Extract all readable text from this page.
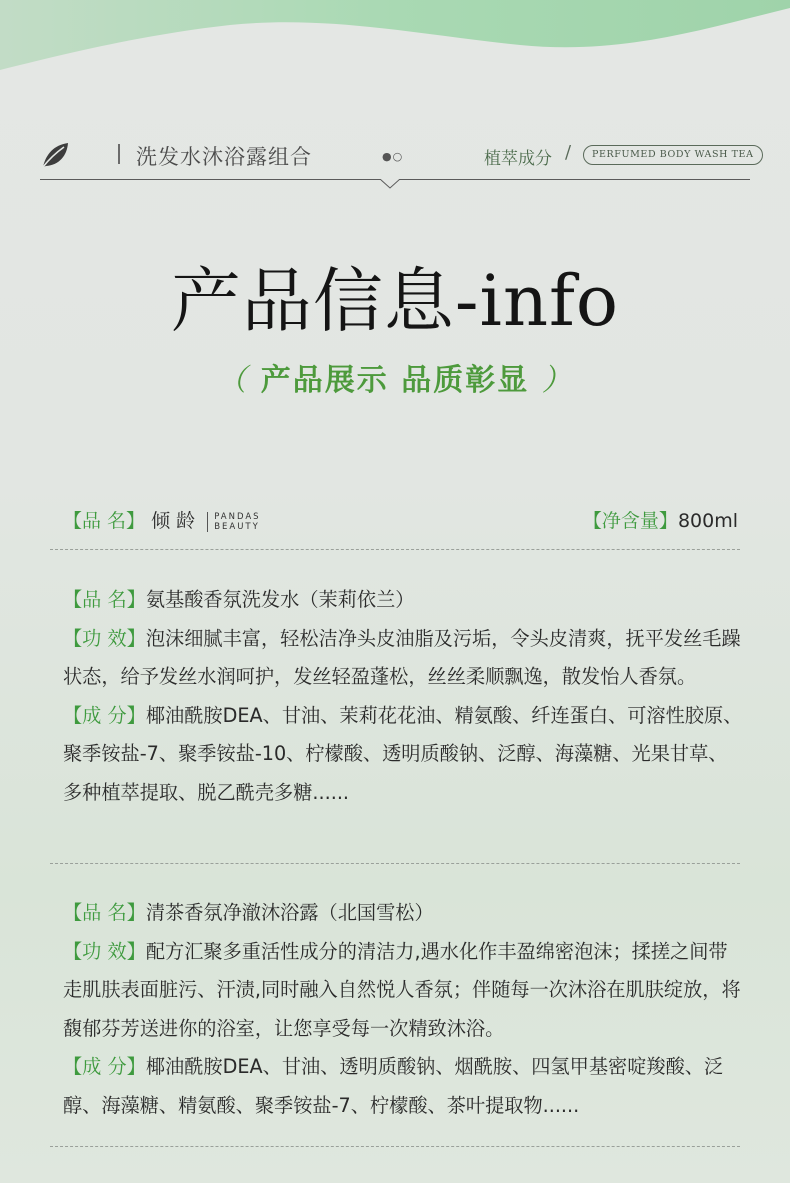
洗发水沐浴露组合	●○	植萃成分 /	PERFUMED BODY WASH TEA
产品信息-info
（ 产品展示 品质彰显 ）
【品 名】 倾 龄 PANDAS
BEAUTY	【净含量】800ml

【品 名】氨基酸香氛洗发水（茉莉依兰）

【功 效】泡沫细腻丰富，轻松洁净头皮油脂及污垢，令头皮清爽，抚平发丝毛躁状态，给予发丝水润呵护，发丝轻盈蓬松，丝丝柔顺飘逸，散发怡人香氛。

【成 分】椰油酰胺DEA、甘油、茉莉花花油、精氨酸、纤连蛋白、可溶性胶原、聚季铵盐-7、聚季铵盐-10、柠檬酸、透明质酸钠、泛醇、海藻糖、光果甘草、多种植萃提取、脱乙酰壳多糖......

【品 名】清茶香氛净澈沐浴露（北国雪松）

【功 效】配方汇聚多重活性成分的清洁力,遇水化作丰盈绵密泡沫；揉搓之间带走肌肤表面脏污、汗渍,同时融入自然悦人香氛；伴随每一次沐浴在肌肤绽放，将馥郁芬芳送进你的浴室，让您享受每一次精致沐浴。

【成 分】椰油酰胺DEA、甘油、透明质酸钠、烟酰胺、四氢甲基密啶羧酸、泛醇、海藻糖、精氨酸、聚季铵盐-7、柠檬酸、茶叶提取物......
